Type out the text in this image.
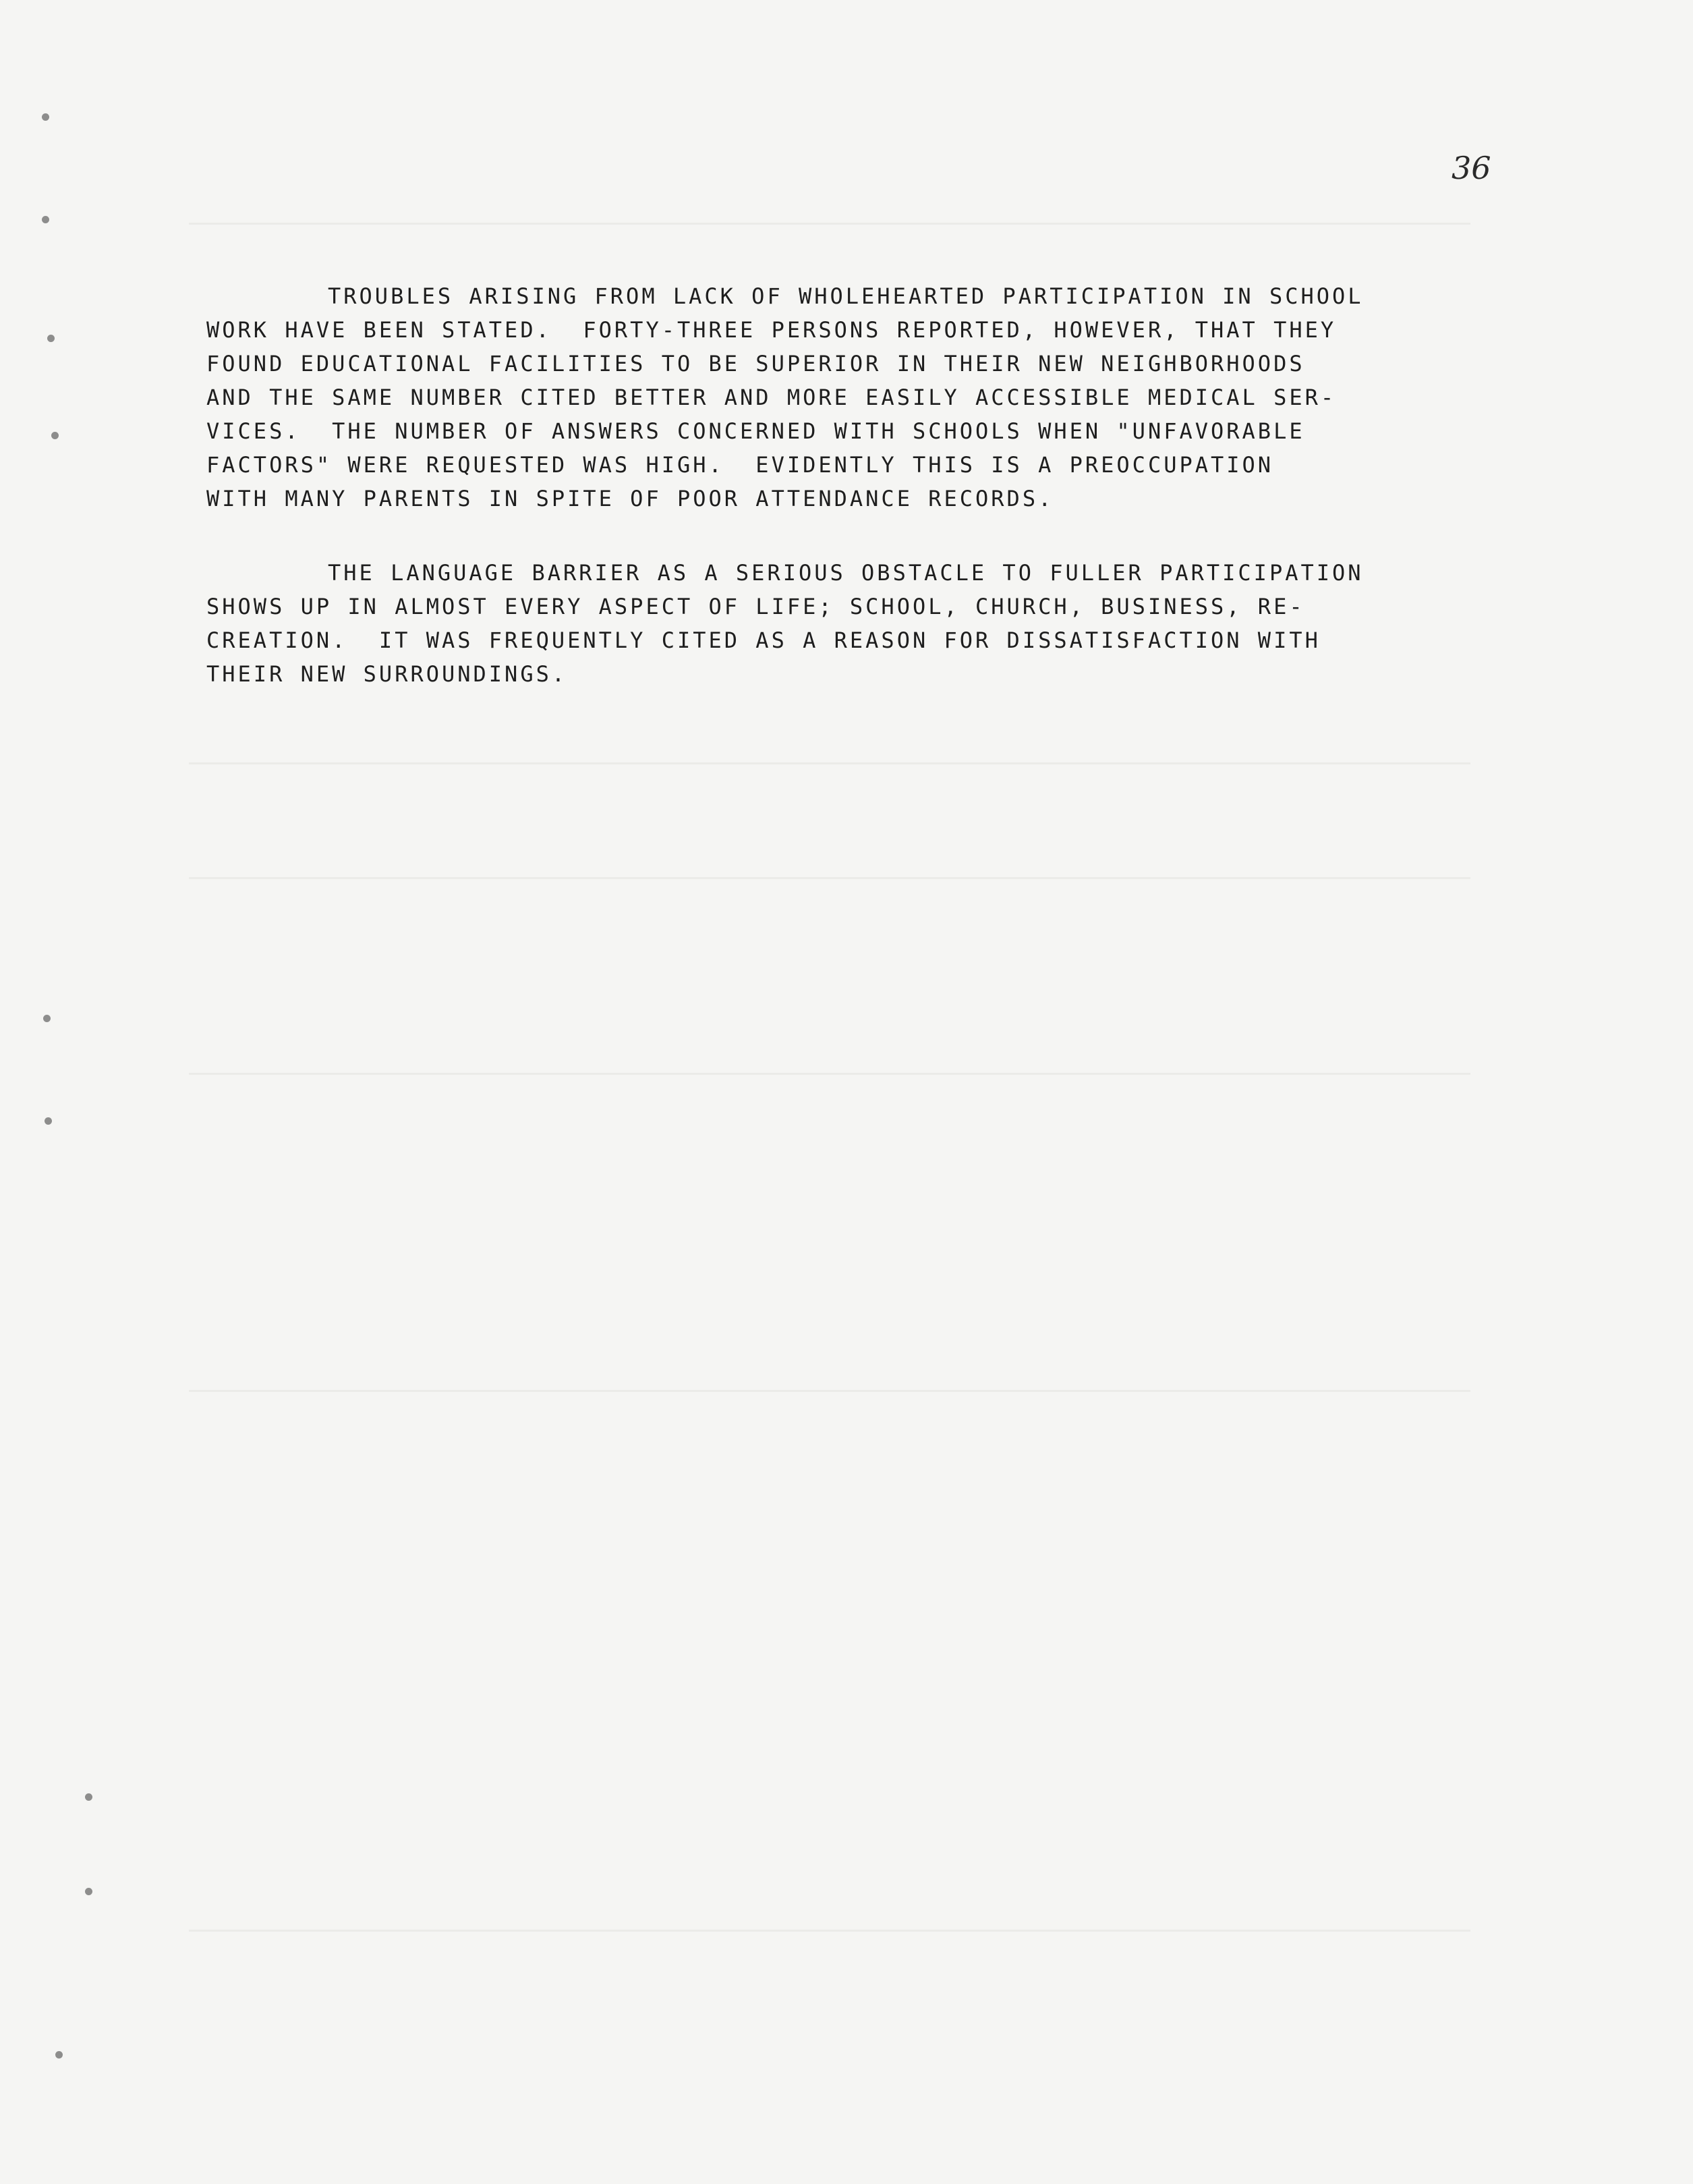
36
TROUBLES ARISING FROM LACK OF WHOLEHEARTED PARTICIPATION IN SCHOOL
WORK HAVE BEEN STATED.  FORTY-THREE PERSONS REPORTED, HOWEVER, THAT THEY
FOUND EDUCATIONAL FACILITIES TO BE SUPERIOR IN THEIR NEW NEIGHBORHOODS
AND THE SAME NUMBER CITED BETTER AND MORE EASILY ACCESSIBLE MEDICAL SER-
VICES.  THE NUMBER OF ANSWERS CONCERNED WITH SCHOOLS WHEN "UNFAVORABLE
FACTORS" WERE REQUESTED WAS HIGH.  EVIDENTLY THIS IS A PREOCCUPATION
WITH MANY PARENTS IN SPITE OF POOR ATTENDANCE RECORDS.
THE LANGUAGE BARRIER AS A SERIOUS OBSTACLE TO FULLER PARTICIPATION
SHOWS UP IN ALMOST EVERY ASPECT OF LIFE; SCHOOL, CHURCH, BUSINESS, RE-
CREATION.  IT WAS FREQUENTLY CITED AS A REASON FOR DISSATISFACTION WITH
THEIR NEW SURROUNDINGS.
